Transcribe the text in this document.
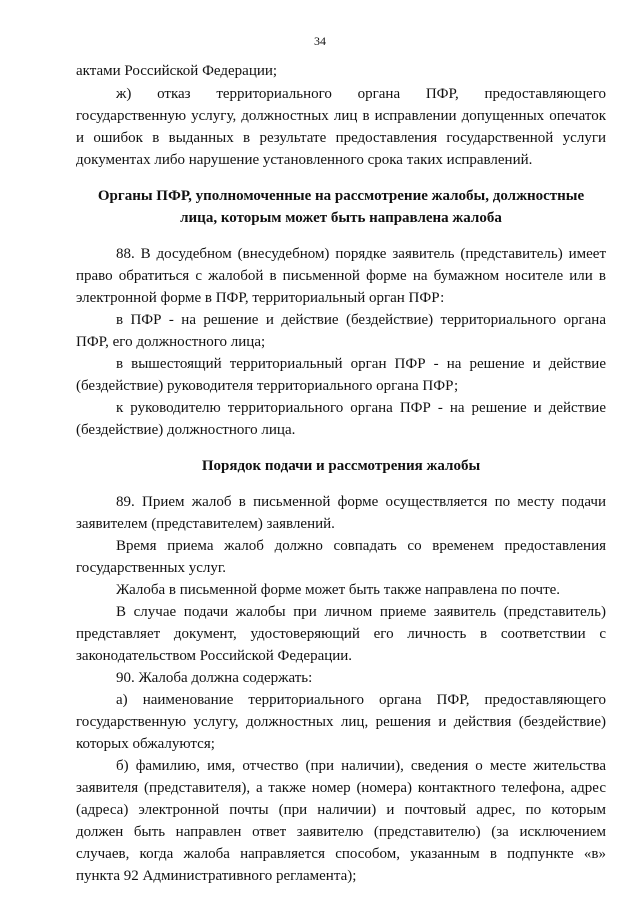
34
актами Российской Федерации;
ж) отказ территориального органа ПФР, предоставляющего
государственную услугу, должностных лиц в исправлении допущенных опечаток
и ошибок в выданных в результате предоставления государственной услуги
документах либо нарушение установленного срока таких исправлений.
Органы ПФР, уполномоченные на рассмотрение жалобы, должностные
лица, которым может быть направлена жалоба
88. В досудебном (внесудебном) порядке заявитель (представитель) имеет
право обратиться с жалобой в письменной форме на бумажном носителе или в
электронной форме в ПФР, территориальный орган ПФР:
в ПФР - на решение и действие (бездействие) территориального органа
ПФР, его должностного лица;
в вышестоящий территориальный орган ПФР - на решение и действие
(бездействие) руководителя территориального органа ПФР;
к руководителю территориального органа ПФР - на решение и действие
(бездействие) должностного лица.
Порядок подачи и рассмотрения жалобы
89. Прием жалоб в письменной форме осуществляется по месту подачи
заявителем (представителем) заявлений.
Время приема жалоб должно совпадать со временем предоставления
государственных услуг.
Жалоба в письменной форме может быть также направлена по почте.
В случае подачи жалобы при личном приеме заявитель (представитель)
представляет документ, удостоверяющий его личность в соответствии с
законодательством Российской Федерации.
90. Жалоба должна содержать:
а) наименование территориального органа ПФР, предоставляющего
государственную услугу, должностных лиц, решения и действия (бездействие)
которых обжалуются;
б) фамилию, имя, отчество (при наличии), сведения о месте жительства
заявителя (представителя), а также номер (номера) контактного телефона, адрес
(адреса) электронной почты (при наличии) и почтовый адрес, по которым
должен быть направлен ответ заявителю (представителю) (за исключением
случаев, когда жалоба направляется способом, указанным в подпункте «в»
пункта 92 Административного регламента);
